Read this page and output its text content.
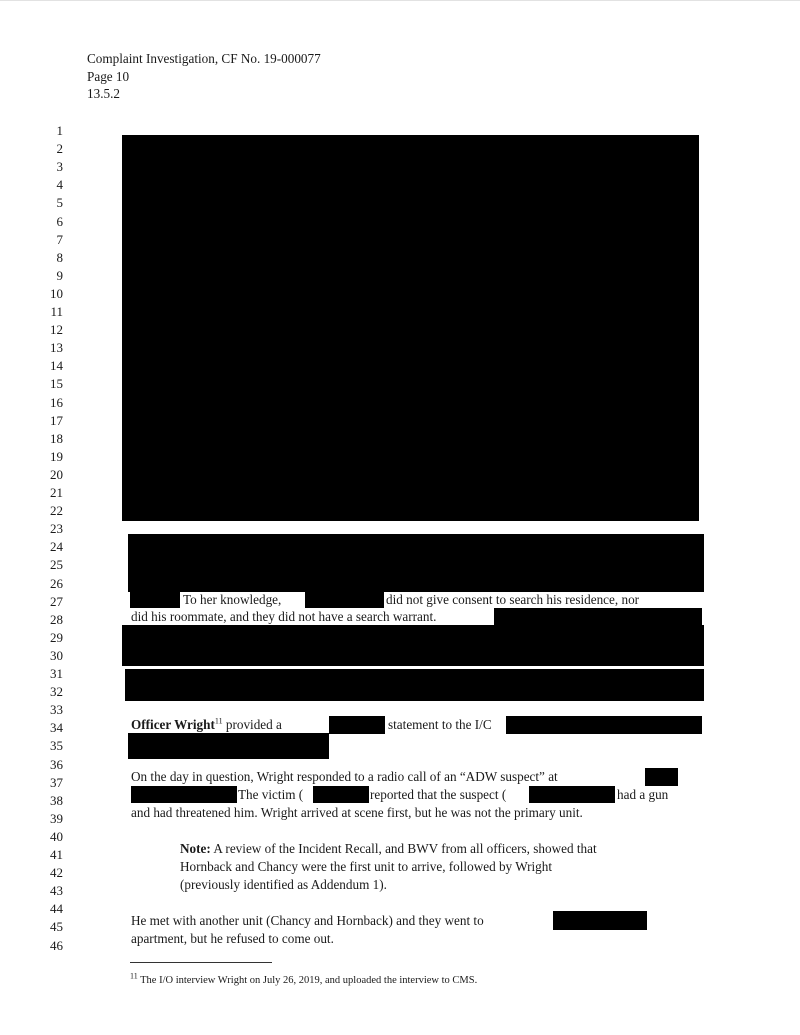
Complaint Investigation, CF No. 19-000077
Page 10
13.5.2
1
2
3
4
5
6
7
8
9
10
11
12
13
14
15
16
17
18
19
20
21
22
23
24
25
26
27
28
29
30
31
32
33
34
35
36
37
38
39
40
41
42
43
44
45
46
To her knowledge,	did not give consent to search his residence, nor
did his roommate, and they did not have a search warrant.
Officer Wright$^{11}$ provided a	statement to the I/C
On the day in question, Wright responded to a radio call of an “ADW suspect” at
The victim (	reported that the suspect (	had a gun
and had threatened him. Wright arrived at scene first, but he was not the primary unit.
Note: A review of the Incident Recall, and BWV from all officers, showed that
Hornback and Chancy were the first unit to arrive, followed by Wright
(previously identified as Addendum 1).
He met with another unit (Chancy and Hornback) and they went to
apartment, but he refused to come out.
$^{11}$ The I/O interview Wright on July 26, 2019, and uploaded the interview to CMS.
